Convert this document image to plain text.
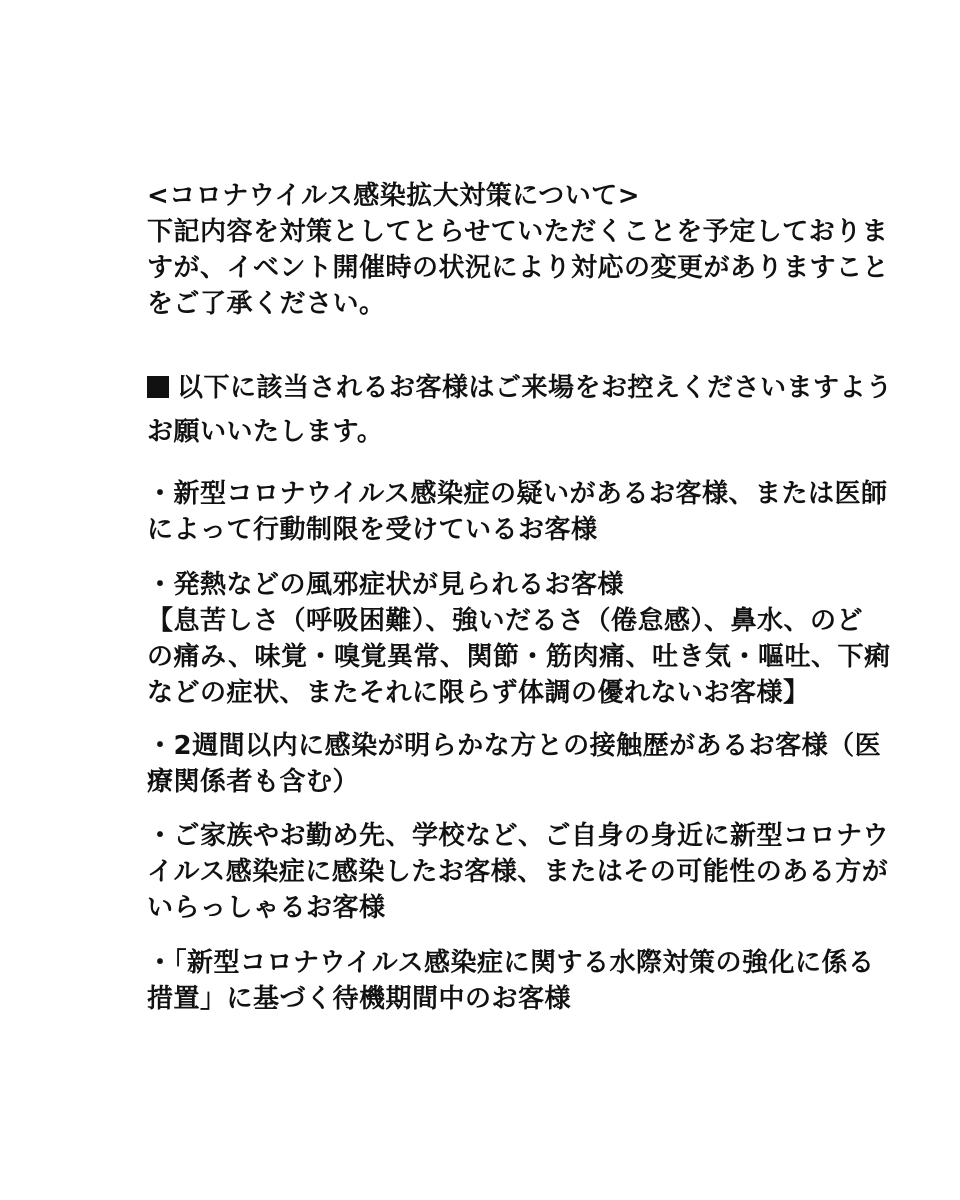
<コロナウイルス感染拡大対策について>
下記内容を対策としてとらせていただくことを予定しておりま
すが、イベント開催時の状況により対応の変更がありますこと
をご了承ください。
以下に該当されるお客様はご来場をお控えくださいますよう
お願いいたします。
・新型コロナウイルス感染症の疑いがあるお客様、または医師
によって行動制限を受けているお客様
・発熱などの風邪症状が見られるお客様
【息苦しさ（呼吸困難）、強いだるさ（倦怠感）、鼻水、のど
の痛み、味覚・嗅覚異常、関節・筋肉痛、吐き気・嘔吐、下痢
などの症状、またそれに限らず体調の優れないお客様】
・2週間以内に感染が明らかな方との接触歴があるお客様（医
療関係者も含む）
・ご家族やお勤め先、学校など、ご自身の身近に新型コロナウ
イルス感染症に感染したお客様、またはその可能性のある方が
いらっしゃるお客様
・「新型コロナウイルス感染症に関する水際対策の強化に係る
措置」に基づく待機期間中のお客様
